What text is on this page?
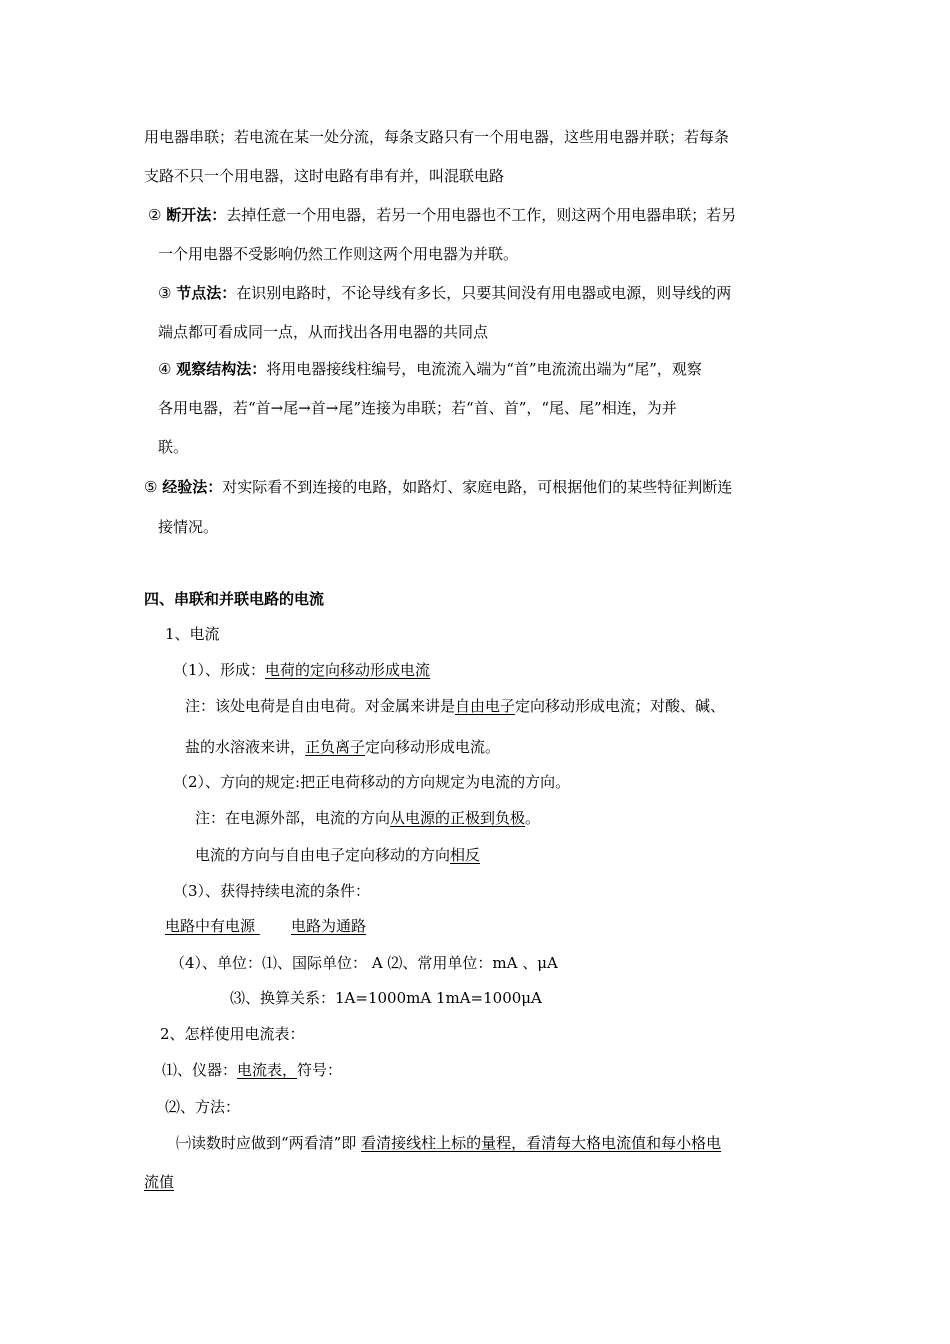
用电器串联；若电流在某一处分流，每条支路只有一个用电器，这些用电器并联；若每条
支路不只一个用电器，这时电路有串有并，叫混联电路
② 断开法：去掉任意一个用电器，若另一个用电器也不工作，则这两个用电器串联；若另
一个用电器不受影响仍然工作则这两个用电器为并联。
③ 节点法：在识别电路时，不论导线有多长，只要其间没有用电器或电源，则导线的两
端点都可看成同一点，从而找出各用电器的共同点
④ 观察结构法：将用电器接线柱编号，电流流入端为“首”电流流出端为“尾”，观察
各用电器，若“首→尾→首→尾”连接为串联；若“首、首”，“尾、尾”相连，为并
联。
⑤ 经验法：对实际看不到连接的电路，如路灯、家庭电路，可根据他们的某些特征判断连
接情况。
四、串联和并联电路的电流
1、电流
（1）、形成：电荷的定向移动形成电流
注：该处电荷是自由电荷。对金属来讲是自由电子定向移动形成电流；对酸、碱、
盐的水溶液来讲，正负离子定向移动形成电流。
（2）、方向的规定:把正电荷移动的方向规定为电流的方向。
注：在电源外部，电流的方向从电源的正极到负极。
电流的方向与自由电子定向移动的方向相反
（3）、获得持续电流的条件：
电路中有电源 电路为通路
（4）、单位：⑴、国际单位： A ⑵、常用单位：mA 、μA
⑶、换算关系：1A=1000mA 1mA=1000μA
2、怎样使用电流表：
⑴、仪器：电流表，符号：
⑵、方法：
㈠读数时应做到“两看清”即 看清接线柱上标的量程，看清每大格电流值和每小格电
流值
